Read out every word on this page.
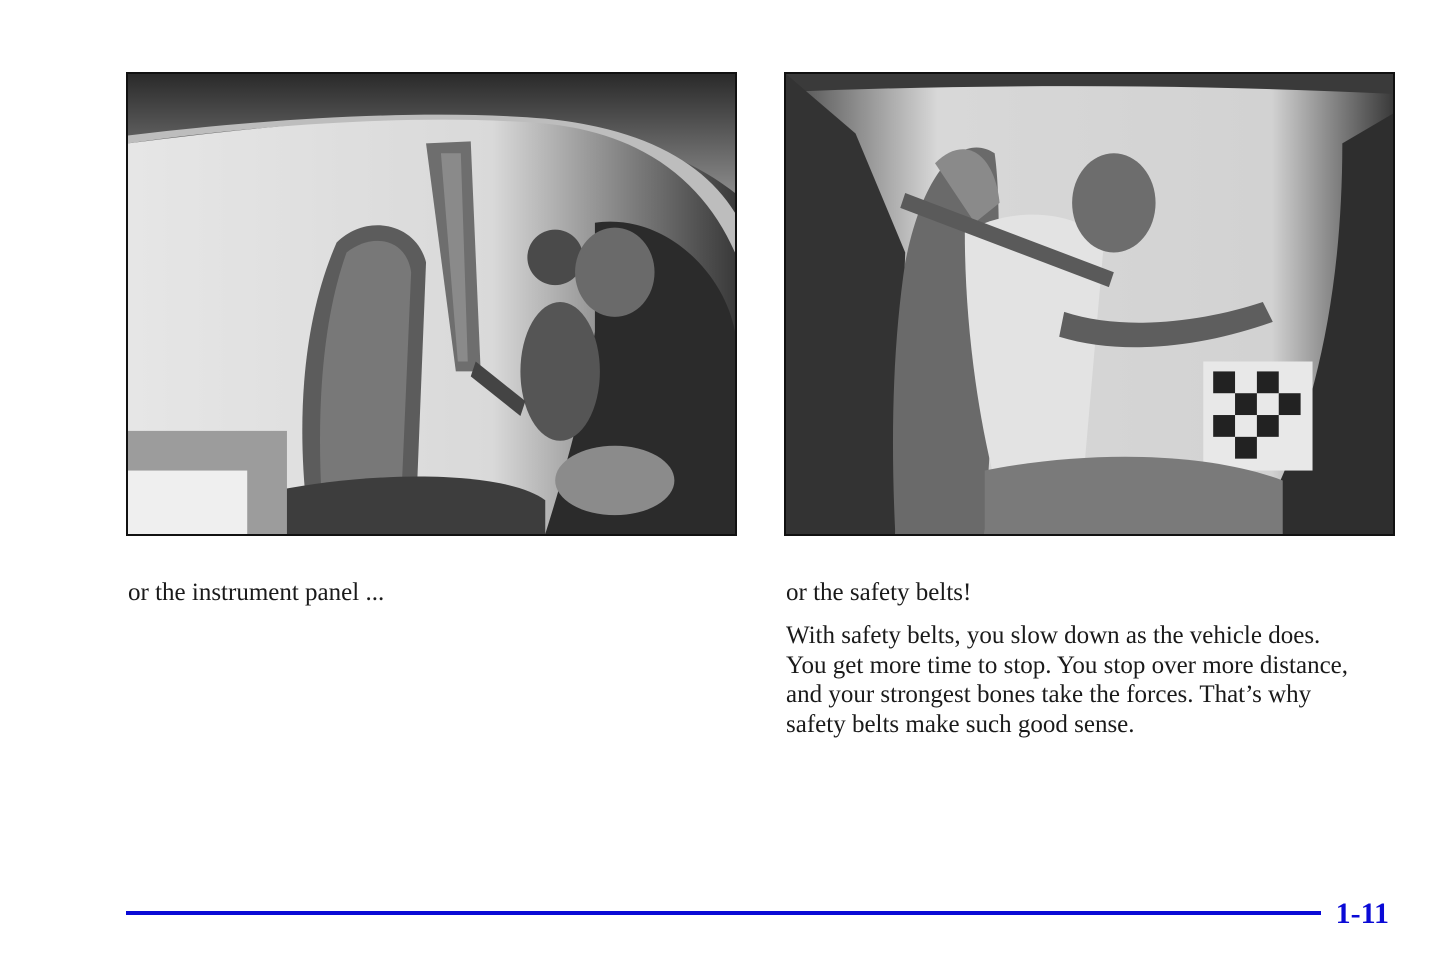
or the instrument panel ...	or the safety belts!

With safety belts, you slow down as the vehicle does.
You get more time to stop. You stop over more distance,
and your strongest bones take the forces. That’s why
safety belts make such good sense.

1-11
